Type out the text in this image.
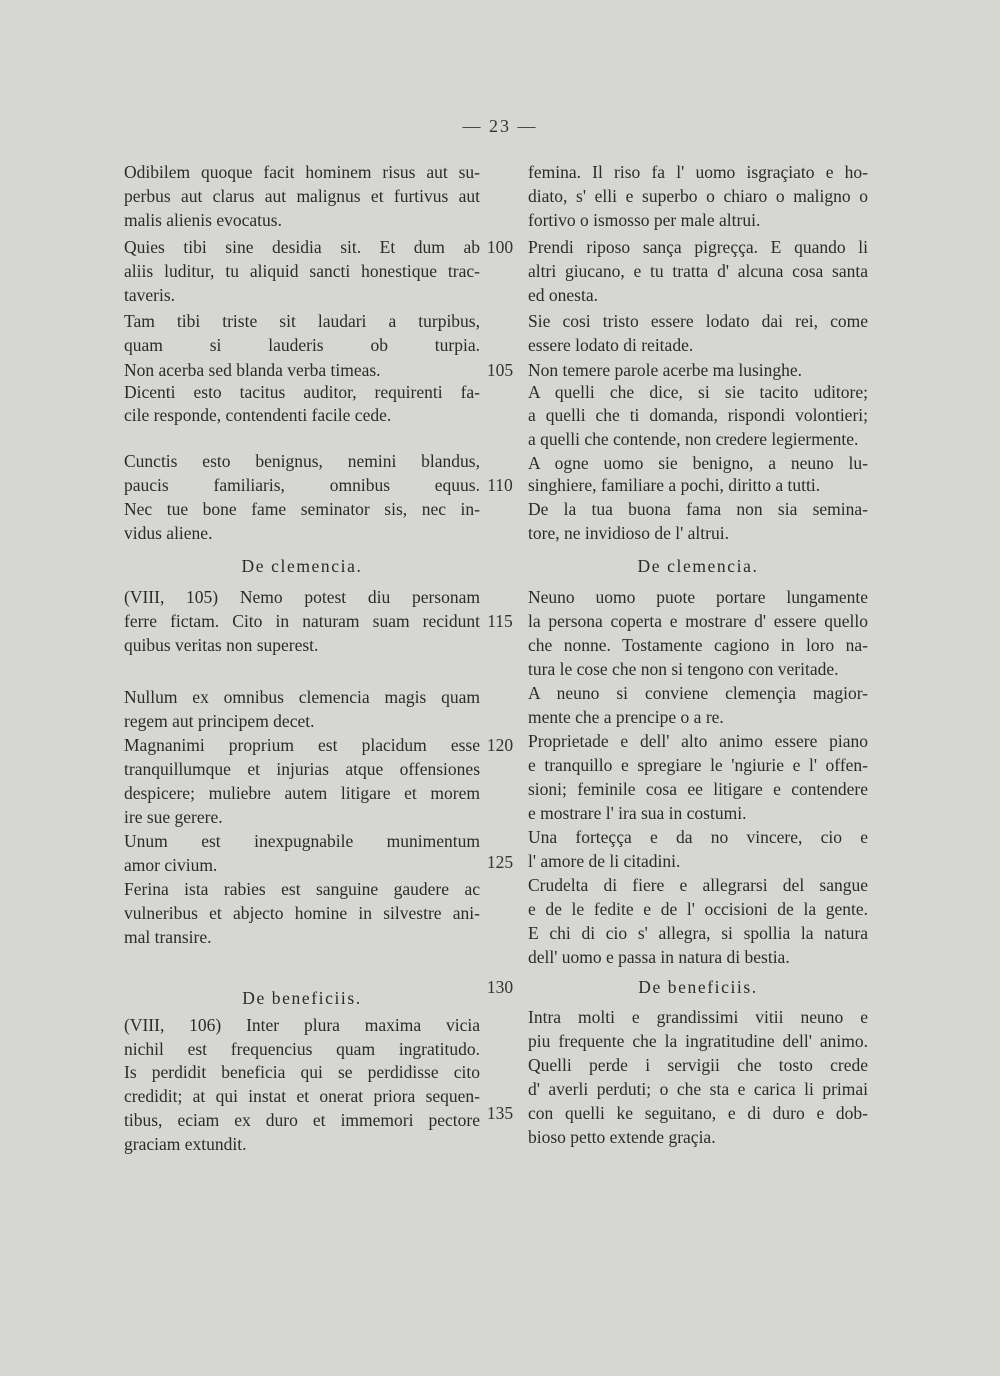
— 23 —
Odibilem quoque facit hominem risus aut su-
perbus aut clarus aut malignus et furtivus aut
malis alienis evocatus.
Quies tibi sine desidia sit. Et dum ab
aliis luditur, tu aliquid sancti honestique trac-
taveris.
Tam tibi triste sit laudari a turpibus,
quam si lauderis ob turpia.
Non acerba sed blanda verba timeas.
Dicenti esto tacitus auditor, requirenti fa-
cile responde, contendenti facile cede.
Cunctis esto benignus, nemini blandus,
paucis familiaris, omnibus equus.
Nec tue bone fame seminator sis, nec in-
vidus aliene.
De clemencia.
(VIII, 105) Nemo potest diu personam
ferre fictam. Cito in naturam suam recidunt
quibus veritas non superest.
Nullum ex omnibus clemencia magis quam
regem aut principem decet.
Magnanimi proprium est placidum esse
tranquillumque et injurias atque offensiones
despicere; muliebre autem litigare et morem
ire sue gerere.
Unum est inexpugnabile munimentum
amor civium.
Ferina ista rabies est sanguine gaudere ac
vulneribus et abjecto homine in silvestre ani-
mal transire.
De beneficiis.
(VIII, 106) Inter plura maxima vicia
nichil est frequencius quam ingratitudo.
Is perdidit beneficia qui se perdidisse cito
credidit; at qui instat et onerat priora sequen-
tibus, eciam ex duro et immemori pectore
graciam extundit.
femina. Il riso fa l' uomo isgraçiato e ho-
diato, s' elli e superbo o chiaro o maligno o
fortivo o ismosso per male altrui.
Prendi riposo sança pigreçça. E quando li
altri giucano, e tu tratta d' alcuna cosa santa
ed onesta.
Sie cosi tristo essere lodato dai rei, come
essere lodato di reitade.
Non temere parole acerbe ma lusinghe.
A quelli che dice, si sie tacito uditore;
a quelli che ti domanda, rispondi volontieri;
a quelli che contende, non credere legiermente.
A ogne uomo sie benigno, a neuno lu-
singhiere, familiare a pochi, diritto a tutti.
De la tua buona fama non sia semina-
tore, ne invidioso de l' altrui.
De clemencia.
Neuno uomo puote portare lungamente
la persona coperta e mostrare d' essere quello
che nonne. Tostamente cagiono in loro na-
tura le cose che non si tengono con veritade.
A neuno si conviene clemençia magior-
mente che a prencipe o a re.
Proprietade e dell' alto animo essere piano
e tranquillo e spregiare le 'ngiurie e l' offen-
sioni; feminile cosa ee litigare e contendere
e mostrare l' ira sua in costumi.
Una forteçça e da no vincere, cio e
l' amore de li citadini.
Crudelta di fiere e allegrarsi del sangue
e de le fedite e de l' occisioni de la gente.
E chi di cio s' allegra, si spollia la natura
dell' uomo e passa in natura di bestia.
De beneficiis.
Intra molti e grandissimi vitii neuno e
piu frequente che la ingratitudine dell' animo.
Quelli perde i servigii che tosto crede
d' averli perduti; o che sta e carica li primai
con quelli ke seguitano, e di duro e dob-
bioso petto extende graçia.
100
105
110
115
120
125
130
135
